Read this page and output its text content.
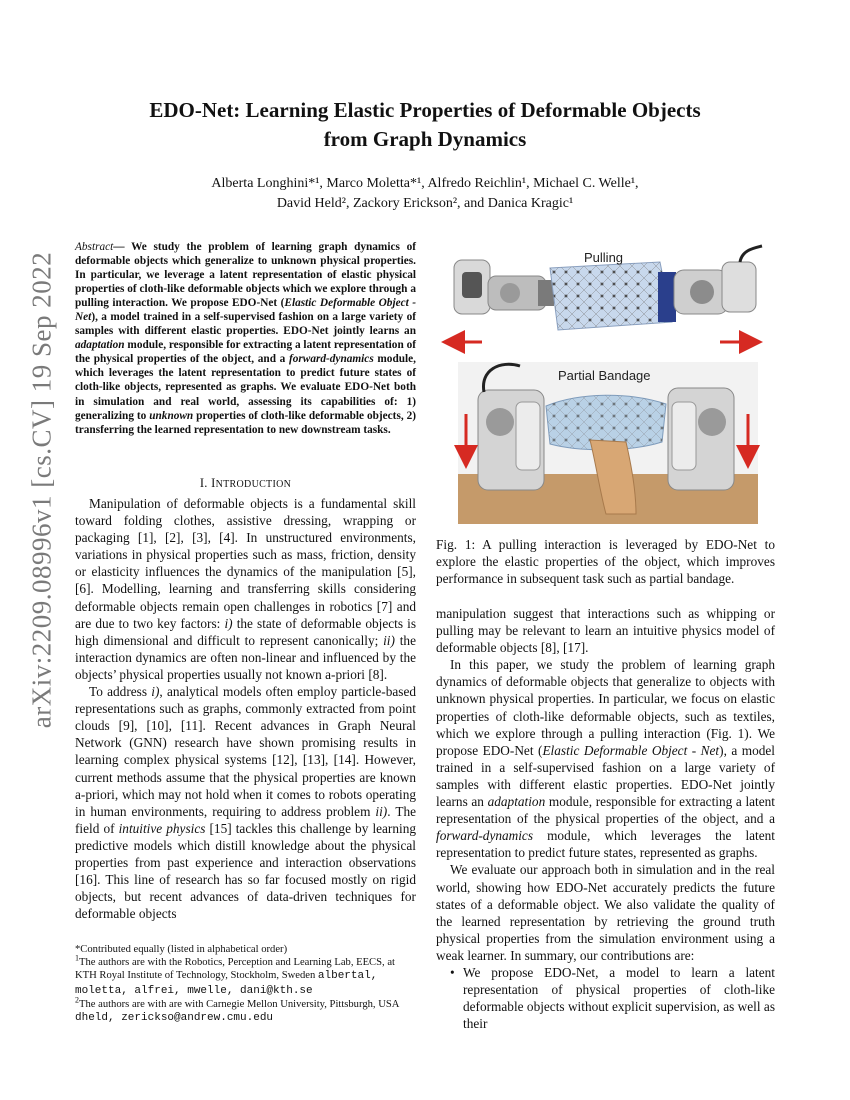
arXiv:2209.08996v1 [cs.CV] 19 Sep 2022
EDO-Net: Learning Elastic Properties of Deformable Objects
from Graph Dynamics
Alberta Longhini*¹, Marco Moletta*¹, Alfredo Reichlin¹, Michael C. Welle¹,
David Held², Zackory Erickson², and Danica Kragic¹
Abstract— We study the problem of learning graph dynamics of deformable objects which generalize to unknown physical properties. In particular, we leverage a latent representation of elastic physical properties of cloth-like deformable objects which we explore through a pulling interaction. We propose EDO-Net (Elastic Deformable Object - Net), a model trained in a self-supervised fashion on a large variety of samples with different elastic properties. EDO-Net jointly learns an adaptation module, responsible for extracting a latent representation of the physical properties of the object, and a forward-dynamics module, which leverages the latent representation to predict future states of cloth-like objects, represented as graphs. We evaluate EDO-Net both in simulation and real world, assessing its capabilities of: 1) generalizing to unknown properties of cloth-like deformable objects, 2) transferring the learned representation to new downstream tasks.
I. INTRODUCTION

Manipulation of deformable objects is a fundamental skill toward folding clothes, assistive dressing, wrapping or packaging [1], [2], [3], [4]. In unstructured environments, variations in physical properties such as mass, friction, density or elasticity influences the dynamics of the manipulation [5], [6]. Modelling, learning and transferring skills considering deformable objects remain open challenges in robotics [7] and are due to two key factors: i) the state of deformable objects is high dimensional and difficult to represent canonically; ii) the interaction dynamics are often non-linear and influenced by the objects’ physical properties usually not known a-priori [8].

To address i), analytical models often employ particle-based representations such as graphs, commonly extracted from point clouds [9], [10], [11]. Recent advances in Graph Neural Network (GNN) research have shown promising results in learning complex physical systems [12], [13], [14]. However, current methods assume that the physical properties are known a-priori, which may not hold when it comes to robots operating in human environments, requiring to address problem ii). The field of intuitive physics [15] tackles this challenge by learning predictive models which distill knowledge about the physical properties from past experience and interaction observations [16]. This line of research has so far focused mostly on rigid objects, but recent advances of data-driven techniques for deformable objects

*Contributed equally (listed in alphabetical order)
$^1$The authors are with the Robotics, Perception and Learning Lab, EECS, at KTH Royal Institute of Technology, Stockholm, Sweden albertal, moletta, alfrei, mwelle, dani@kth.se
$^2$The authors are with are with Carnegie Mellon University, Pittsburgh, USA dheld, zerickso@andrew.cmu.edu
Pulling
Partial Bandage
Fig. 1: A pulling interaction is leveraged by EDO-Net to explore the elastic properties of the object, which improves performance in subsequent task such as partial bandage.

manipulation suggest that interactions such as whipping or pulling may be relevant to learn an intuitive physics model of deformable objects [8], [17].

In this paper, we study the problem of learning graph dynamics of deformable objects that generalize to objects with unknown physical properties. In particular, we focus on elastic properties of cloth-like deformable objects, such as textiles, which we explore through a pulling interaction (Fig. 1). We propose EDO-Net (Elastic Deformable Object - Net), a model trained in a self-supervised fashion on a large variety of samples with different elastic properties. EDO-Net jointly learns an adaptation module, responsible for extracting a latent representation of the physical properties of the object, and a forward-dynamics module, which leverages the latent representation to predict future states, represented as graphs.

We evaluate our approach both in simulation and in the real world, showing how EDO-Net accurately predicts the future states of a deformable object. We also validate the quality of the learned representation by retrieving the ground truth physical properties from the simulation environment using a weak learner. In summary, our contributions are:

• We propose EDO-Net, a model to learn a latent representation of physical properties of cloth-like deformable objects without explicit supervision, as well as their
